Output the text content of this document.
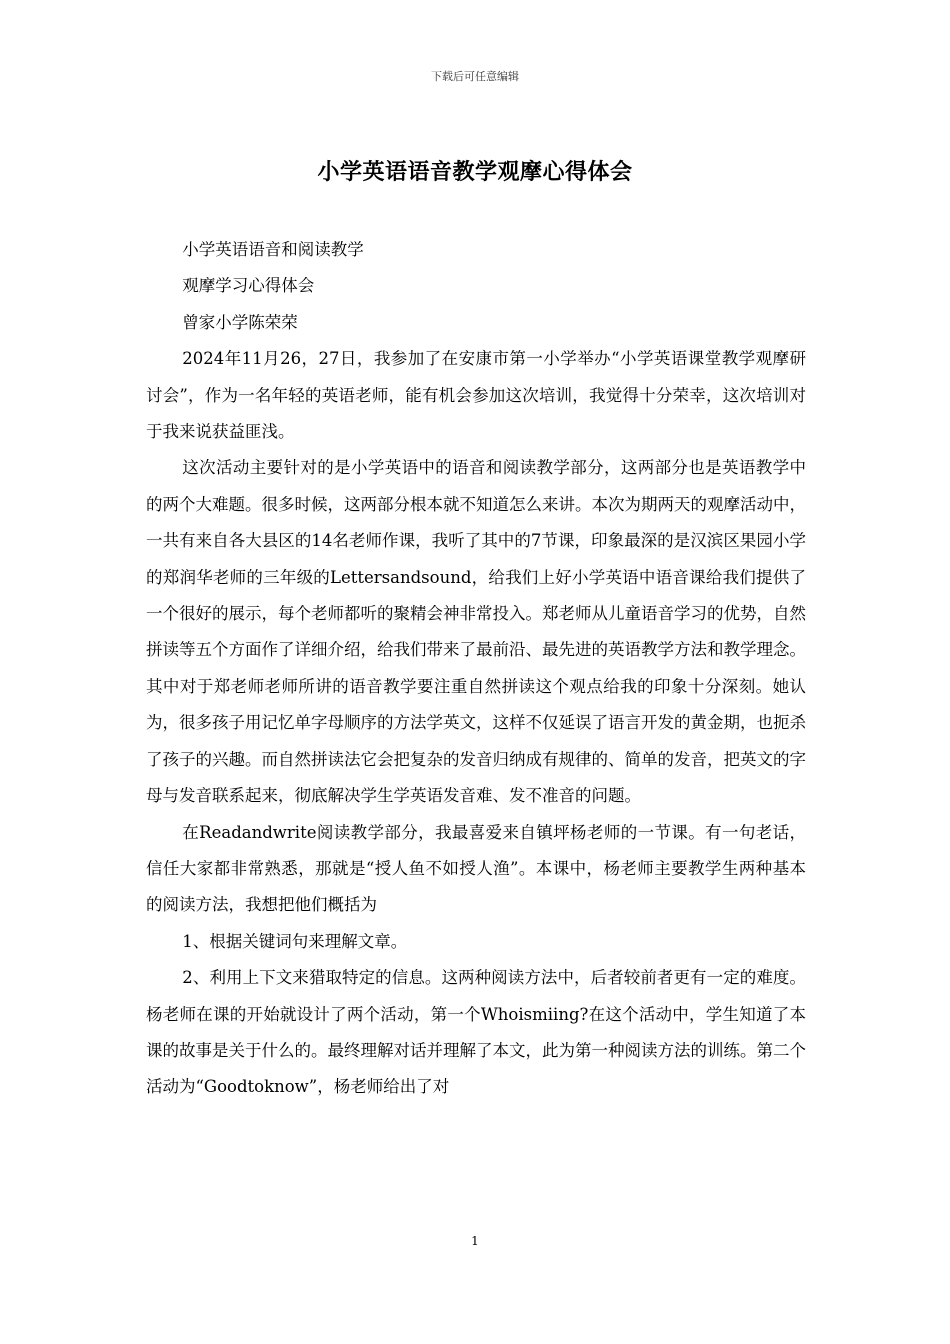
下载后可任意编辑
小学英语语音教学观摩心得体会

小学英语语音和阅读教学

观摩学习心得体会

曾家小学陈荣荣

2024年11月26，27日，我参加了在安康市第一小学举办“小学英语课堂教学观摩研讨会”，作为一名年轻的英语老师，能有机会参加这次培训，我觉得十分荣幸，这次培训对于我来说获益匪浅。

这次活动主要针对的是小学英语中的语音和阅读教学部分，这两部分也是英语教学中的两个大难题。很多时候，这两部分根本就不知道怎么来讲。本次为期两天的观摩活动中，一共有来自各大县区的14名老师作课，我听了其中的7节课，印象最深的是汉滨区果园小学的郑润华老师的三年级的Lettersandsound，给我们上好小学英语中语音课给我们提供了一个很好的展示，每个老师都听的聚精会神非常投入。郑老师从儿童语音学习的优势，自然拼读等五个方面作了详细介绍，给我们带来了最前沿、最先进的英语教学方法和教学理念。其中对于郑老师老师所讲的语音教学要注重自然拼读这个观点给我的印象十分深刻。她认为，很多孩子用记忆单字母顺序的方法学英文，这样不仅延误了语言开发的黄金期，也扼杀了孩子的兴趣。而自然拼读法它会把复杂的发音归纳成有规律的、简单的发音，把英文的字母与发音联系起来，彻底解决学生学英语发音难、发不准音的问题。

在Readandwrite阅读教学部分，我最喜爱来自镇坪杨老师的一节课。有一句老话，信任大家都非常熟悉，那就是“授人鱼不如授人渔”。本课中，杨老师主要教学生两种基本的阅读方法，我想把他们概括为

1、根据关键词句来理解文章。

2、利用上下文来猎取特定的信息。这两种阅读方法中，后者较前者更有一定的难度。杨老师在课的开始就设计了两个活动，第一个Whoismiing?在这个活动中，学生知道了本课的故事是关于什么的。最终理解对话并理解了本文，此为第一种阅读方法的训练。第二个活动为“Goodtoknow”，杨老师给出了对

1
